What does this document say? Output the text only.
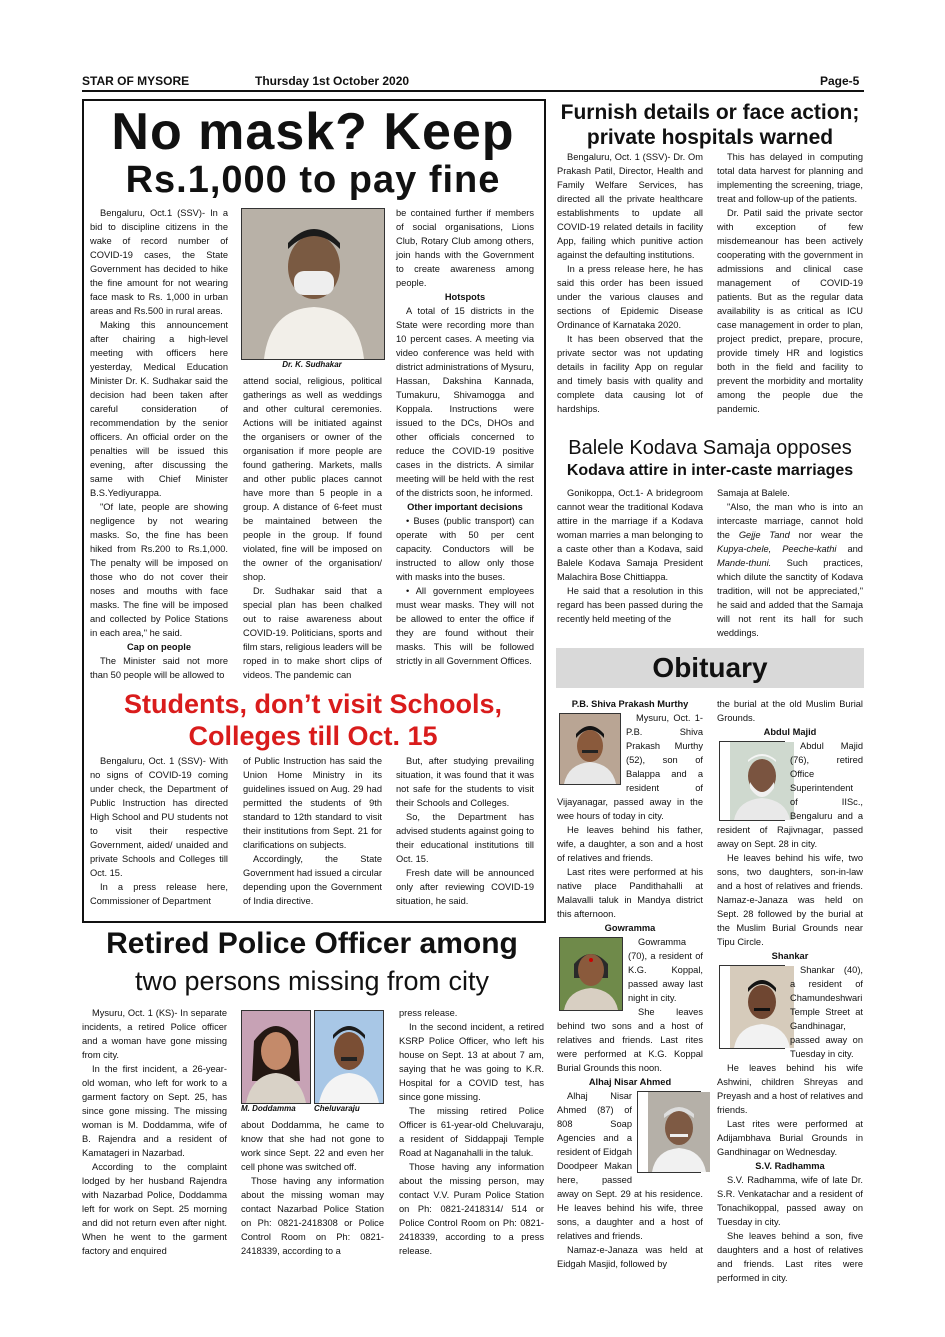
STAR OF MYSORE	Thursday 1st October 2020	Page-5
No mask? Keep
Rs.1,000 to pay fine

Bengaluru, Oct.1 (SSV)- In a bid to discipline citizens in the wake of record number of COVID-19 cases, the State Government has decided to hike the fine amount for not wearing face mask to Rs. 1,000 in urban areas and Rs.500 in rural areas.

Making this announcement after chairing a high-level meeting with officers here yesterday, Medical Education Minister Dr. K. Sudhakar said the decision had been taken after careful consideration of recommendation by the senior officers. An official order on the penalties will be issued this evening, after discussing the same with Chief Minister B.S.Yediyurappa.

"Of late, people are showing negligence by not wearing masks. So, the fine has been hiked from Rs.200 to Rs.1,000. The penalty will be imposed on those who do not cover their noses and mouths with face masks. The fine will be imposed and collected by Police Stations in each area," he said.

Cap on people

The Minister said not more than 50 people will be allowed to

Dr. K. Sudhakar

attend social, religious, political gatherings as well as weddings and other cultural ceremonies. Actions will be initiated against the organisers or owner of the organisation if more people are found gathering. Markets, malls and other public places cannot have more than 5 people in a group. A distance of 6-feet must be maintained between the people in the group. If found violated, fine will be imposed on the owner of the organisation/ shop.

Dr. Sudhakar said that a special plan has been chalked out to raise awareness about COVID-19. Politicians, sports and film stars, religious leaders will be roped in to make short clips of videos. The pandemic can

be contained further if members of social organisations, Lions Club, Rotary Club among others, join hands with the Government to create awareness among people.

Hotspots

A total of 15 districts in the State were recording more than 10 percent cases. A meeting via video conference was held with district administrations of Mysuru, Hassan, Dakshina Kannada, Tumakuru, Shivamogga and Koppala. Instructions were issued to the DCs, DHOs and other officials concerned to reduce the COVID-19 positive cases in the districts. A similar meeting will be held with the rest of the districts soon, he informed.

Other important decisions

• Buses (public transport) can operate with 50 per cent capacity. Conductors will be instructed to allow only those with masks into the buses.

• All government employees must wear masks. They will not be allowed to enter the office if they are found without their masks. This will be followed strictly in all Government Offices.

Students, don’t visit Schools,
Colleges till Oct. 15

Bengaluru, Oct. 1 (SSV)- With no signs of COVID-19 coming under check, the Department of Public Instruction has directed High School and PU students not to visit their respective Government, aided/ unaided and private Schools and Colleges till Oct. 15.

In a press release here, Commissioner of Department

of Public Instruction has said the Union Home Ministry in its guidelines issued on Aug. 29 had permitted the students of 9th standard to 12th standard to visit their institutions from Sept. 21 for clarifications on subjects.

Accordingly, the State Government had issued a circular depending upon the Government of India directive.

But, after studying prevailing situation, it was found that it was not safe for the students to visit their Schools and Colleges.

So, the Department has advised students against going to their educational institutions till Oct. 15.

Fresh date will be announced only after reviewing COVID-19 situation, he said.

Retired Police Officer among
two persons missing from city

Mysuru, Oct. 1 (KS)- In separate incidents, a retired Police officer and a woman have gone missing from city.

In the first incident, a 26-year-old woman, who left for work to a garment factory on Sept. 25, has since gone missing. The missing woman is M. Doddamma, wife of B. Rajendra and a resident of Kamatageri in Nazarbad.

According to the complaint lodged by her husband Rajendra with Nazarbad Police, Doddamma left for work on Sept. 25 morning and did not return even after night. When he went to the garment factory and enquired

M. Doddamma	Cheluvaraju

about Doddamma, he came to know that she had not gone to work since Sept. 22 and even her cell phone was switched off.

Those having any information about the missing woman may contact Nazarbad Police Station on Ph: 0821-2418308 or Police Control Room on Ph: 0821-2418339, according to a

press release.

In the second incident, a retired KSRP Police Officer, who left his house on Sept. 13 at about 7 am, saying that he was going to K.R. Hospital for a COVID test, has since gone missing.

The missing retired Police Officer is 61-year-old Cheluvaraju, a resident of Siddappaji Temple Road at Naganahalli in the taluk.

Those having any information about the missing person, may contact V.V. Puram Police Station on Ph: 0821-2418314/ 514 or Police Control Room on Ph: 0821-2418339, according to a press release.

Furnish details or face action;
private hospitals warned

Bengaluru, Oct. 1 (SSV)- Dr. Om Prakash Patil, Director, Health and Family Welfare Services, has directed all the private healthcare establishments to update all COVID-19 related details in facility App, failing which punitive action against the defaulting institutions.

In a press release here, he has said this order has been issued under the various clauses and sections of Epidemic Disease Ordinance of Karnataka 2020.

It has been observed that the private sector was not updating details in facility App on regular and timely basis with quality and complete data causing lot of hardships.

This has delayed in computing total data harvest for planning and implementing the screening, triage, treat and follow-up of the patients.

Dr. Patil said the private sector with exception of few misdemeanour has been actively cooperating with the government in admissions and clinical case management of COVID-19 patients. But as the regular data availability is as critical as ICU case management in order to plan, project predict, prepare, procure, provide timely HR and logistics both in the field and facility to prevent the morbidity and mortality among the people due the pandemic.

Balele Kodava Samaja opposes
Kodava attire in inter-caste marriages

Gonikoppa, Oct.1- A bridegroom cannot wear the traditional Kodava attire in the marriage if a Kodava woman marries a man belonging to a caste other than a Kodava, said Balele Kodava Samaja President Malachira Bose Chittiappa.

He said that a resolution in this regard has been passed during the recently held meeting of the

Samaja at Balele.

"Also, the man who is into an intercaste marriage, cannot hold the Gejje Tand nor wear the Kupya-chele, Peeche-kathi and Mande-thuni. Such practices, which dilute the sanctity of Kodava tradition, will not be appreciated," he said and added that the Samaja will not rent its hall for such weddings.

Obituary

P.B. Shiva Prakash Murthy

Mysuru, Oct. 1- P.B. Shiva Prakash Murthy (52), son of Balappa and a resident of Vijayanagar, passed away in the wee hours of today in city.

He leaves behind his father, wife, a daughter, a son and a host of relatives and friends.

Last rites were performed at his native place Pandithahalli at Malavalli taluk in Mandya district this afternoon.

Gowramma

Gowramma (70), a resident of K.G. Koppal, passed away last night in city.

She leaves behind two sons and a host of relatives and friends. Last rites were performed at K.G. Koppal Burial Grounds this noon.

Alhaj Nisar Ahmed

Alhaj Nisar Ahmed (87) of 808 Soap Agencies and a resident of Eidgah Doodpeer Makan here, passed away on Sept. 29 at his residence. He leaves behind his wife, three sons, a daughter and a host of relatives and friends.

Namaz-e-Janaza was held at Eidgah Masjid, followed by

the burial at the old Muslim Burial Grounds.

Abdul Majid

Abdul Majid (76), retired Office Superintendent of IISc., Bengaluru and a resident of Rajivnagar, passed away on Sept. 28 in city.

He leaves behind his wife, two sons, two daughters, son-in-law and a host of relatives and friends. Namaz-e-Janaza was held on Sept. 28 followed by the burial at the Muslim Burial Grounds near Tipu Circle.

Shankar

Shankar (40), a resident of Chamundeshwari Temple Street at Gandhinagar, passed away on Tuesday in city.

He leaves behind his wife Ashwini, children Shreyas and Preyash and a host of relatives and friends.

Last rites were performed at Adijambhava Burial Grounds in Gandhinagar on Wednesday.

S.V. Radhamma

S.V. Radhamma, wife of late Dr. S.R. Venkatachar and a resident of Tonachikoppal, passed away on Tuesday in city.

She leaves behind a son, five daughters and a host of relatives and friends. Last rites were performed in city.
